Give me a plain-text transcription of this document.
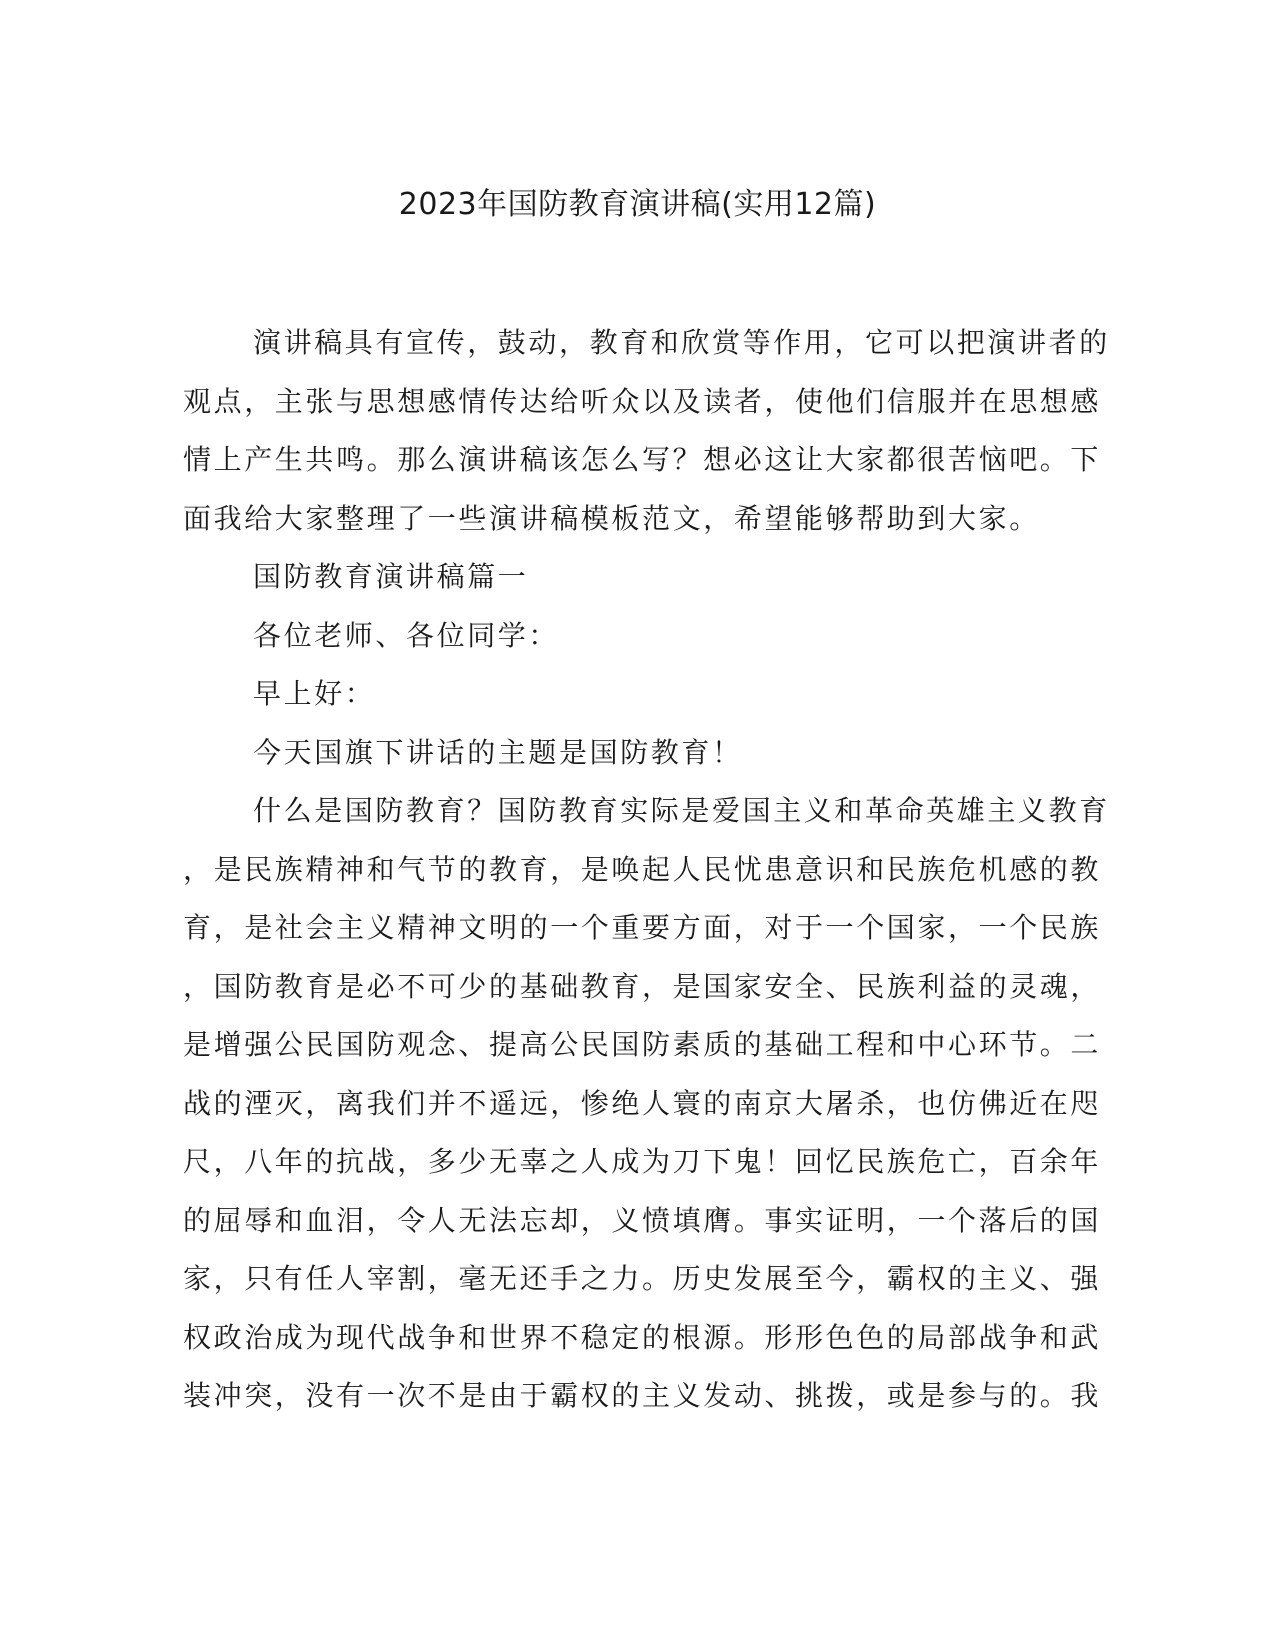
2023年国防教育演讲稿(实用12篇)
演讲稿具有宣传，鼓动，教育和欣赏等作用，它可以把演讲者的
观点，主张与思想感情传达给听众以及读者，使他们信服并在思想感
情上产生共鸣。那么演讲稿该怎么写？想必这让大家都很苦恼吧。下
面我给大家整理了一些演讲稿模板范文，希望能够帮助到大家。
国防教育演讲稿篇一
各位老师、各位同学：
早上好：
今天国旗下讲话的主题是国防教育！
什么是国防教育？国防教育实际是爱国主义和革命英雄主义教育
，是民族精神和气节的教育，是唤起人民忧患意识和民族危机感的教
育，是社会主义精神文明的一个重要方面，对于一个国家，一个民族
，国防教育是必不可少的基础教育，是国家安全、民族利益的灵魂，
是增强公民国防观念、提高公民国防素质的基础工程和中心环节。二
战的湮灭，离我们并不遥远，惨绝人寰的南京大屠杀，也仿佛近在咫
尺，八年的抗战，多少无辜之人成为刀下鬼！回忆民族危亡，百余年
的屈辱和血泪，令人无法忘却，义愤填膺。事实证明，一个落后的国
家，只有任人宰割，毫无还手之力。历史发展至今，霸权的主义、强
权政治成为现代战争和世界不稳定的根源。形形色色的局部战争和武
装冲突，没有一次不是由于霸权的主义发动、挑拨，或是参与的。我
